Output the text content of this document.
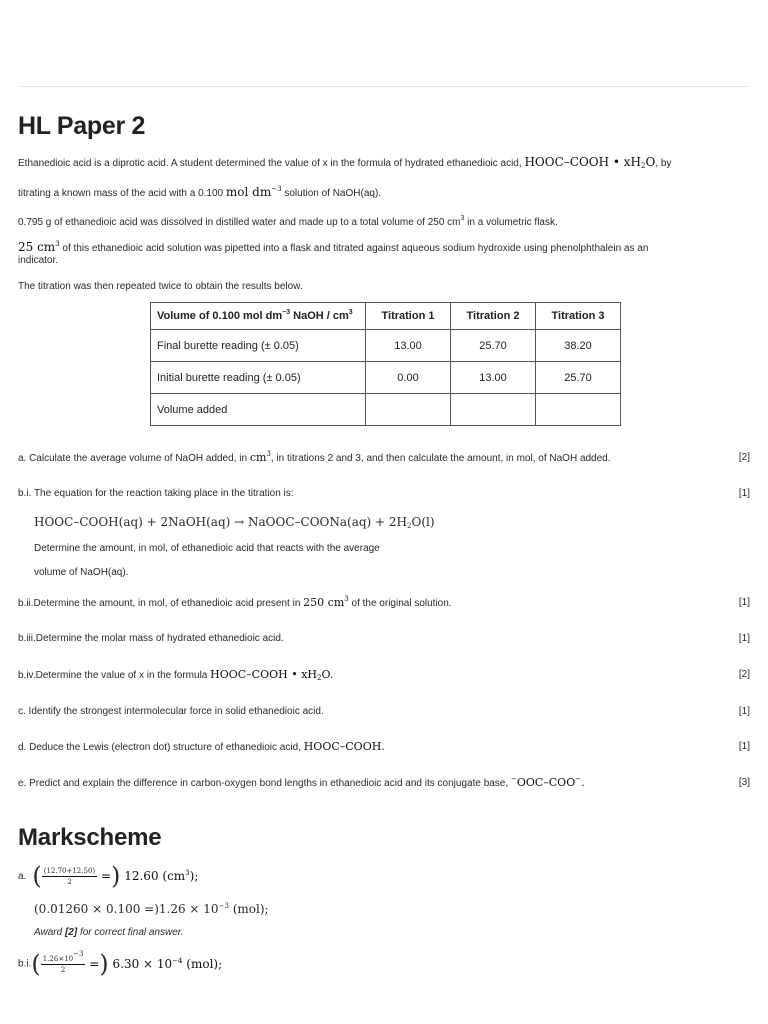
HL Paper 2
Ethanedioic acid is a diprotic acid. A student determined the value of x in the formula of hydrated ethanedioic acid, HOOC–COOH • $xH_2O$, by
titrating a known mass of the acid with a 0.100 mol $dm^{-3}$ solution of NaOH(aq).
0.795 g of ethanedioic acid was dissolved in distilled water and made up to a total volume of 250 $cm^3$ in a volumetric flask.
25 $cm^3$ of this ethanedioic acid solution was pipetted into a flask and titrated against aqueous sodium hydroxide using phenolphthalein as an
indicator.
The titration was then repeated twice to obtain the results below.
Volume of 0.100 mol $dm^{-3}$ NaOH / $cm^3$	Titration 1	Titration 2	Titration 3
Final burette reading (± 0.05)	13.00	25.70	38.20
Initial burette reading (± 0.05)	0.00	13.00	25.70
Volume added			
a. Calculate the average volume of NaOH added, in $cm^3$, in titrations 2 and 3, and then calculate the amount, in mol, of NaOH added.	[2]
b.i. The equation for the reaction taking place in the titration is:	[1]
HOOC–COOH(aq) + 2NaOH(aq) → NaOOC–COONa(aq) + $2H_2O(l)$
Determine the amount, in mol, of ethanedioic acid that reacts with the average
volume of NaOH(aq).
b.ii.Determine the amount, in mol, of ethanedioic acid present in 250 $cm^3$ of the original solution.	[1]
b.iii.Determine the molar mass of hydrated ethanedioic acid.	[1]
b.iv.Determine the value of x in the formula HOOC–COOH • $xH_2O$.	[2]
c. Identify the strongest intermolecular force in solid ethanedioic acid.	[1]
d. Deduce the Lewis (electron dot) structure of ethanedioic acid, HOOC–COOH.	[1]
e. Predict and explain the difference in carbon-oxygen bond lengths in ethanedioic acid and its conjugate base, −OOC–COO−.	[3]
Markscheme
a. ( $\frac{(12.70+12.50)}{2}$ =) 12.60 $(cm^3)$;
$(0.01260 \times 0.100 =)1.26 \times 10^{-3}$ (mol);
Award [2] for correct final answer.
$b.i.( \frac{1.26\times 10-3}{2}$ =) $6.30 \times 10^{-4}$ (mol);
